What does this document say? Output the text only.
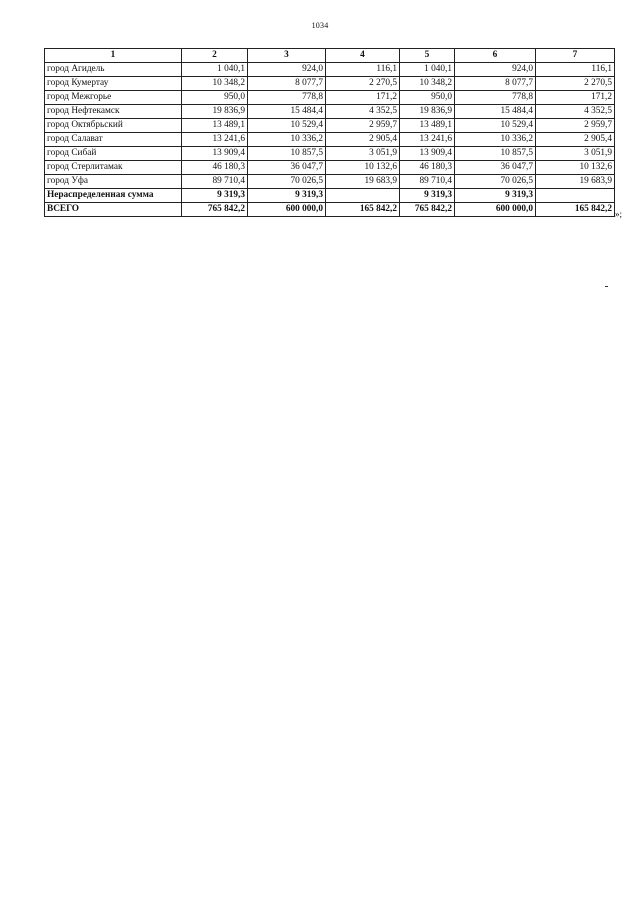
1034
1	2	3	4	5	6	7
город Агидель	1 040,1	924,0	116,1	1 040,1	924,0	116,1
город Кумертау	10 348,2	8 077,7	2 270,5	10 348,2	8 077,7	2 270,5
город Межгорье	950,0	778,8	171,2	950,0	778,8	171,2
город Нефтекамск	19 836,9	15 484,4	4 352,5	19 836,9	15 484,4	4 352,5
город Октябрьский	13 489,1	10 529,4	2 959,7	13 489,1	10 529,4	2 959,7
город Салават	13 241,6	10 336,2	2 905,4	13 241,6	10 336,2	2 905,4
город Сибай	13 909,4	10 857,5	3 051,9	13 909,4	10 857,5	3 051,9
город Стерлитамак	46 180,3	36 047,7	10 132,6	46 180,3	36 047,7	10 132,6
город Уфа	89 710,4	70 026,5	19 683,9	89 710,4	70 026,5	19 683,9
Нераспределенная сумма	9 319,3	9 319,3		9 319,3	9 319,3	
ВСЕГО	765 842,2	600 000,0	165 842,2	765 842,2	600 000,0	165 842,2
»;
